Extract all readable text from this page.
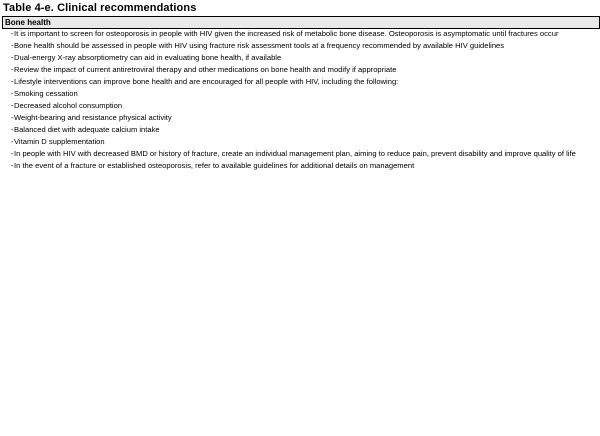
Table 4-e. Clinical recommendations
Bone health
- It is important to screen for osteoporosis in people with HIV given the increased risk of metabolic bone disease. Osteoporosis is asymptomatic until fractures occur
- Bone health should be assessed in people with HIV using fracture risk assessment tools at a frequency recommended by available HIV guidelines
- Dual-energy X-ray absorptiometry can aid in evaluating bone health, if available
- Review the impact of current antiretroviral therapy and other medications on bone health and modify if appropriate
- Lifestyle interventions can improve bone health and are encouraged for all people with HIV, including the following:
- Smoking cessation
- Decreased alcohol consumption
- Weight-bearing and resistance physical activity
- Balanced diet with adequate calcium intake
- Vitamin D supplementation
- In people with HIV with decreased BMD or history of fracture, create an individual management plan, aiming to reduce pain, prevent disability and improve quality of life
- In the event of a fracture or established osteoporosis, refer to available guidelines for additional details on management
